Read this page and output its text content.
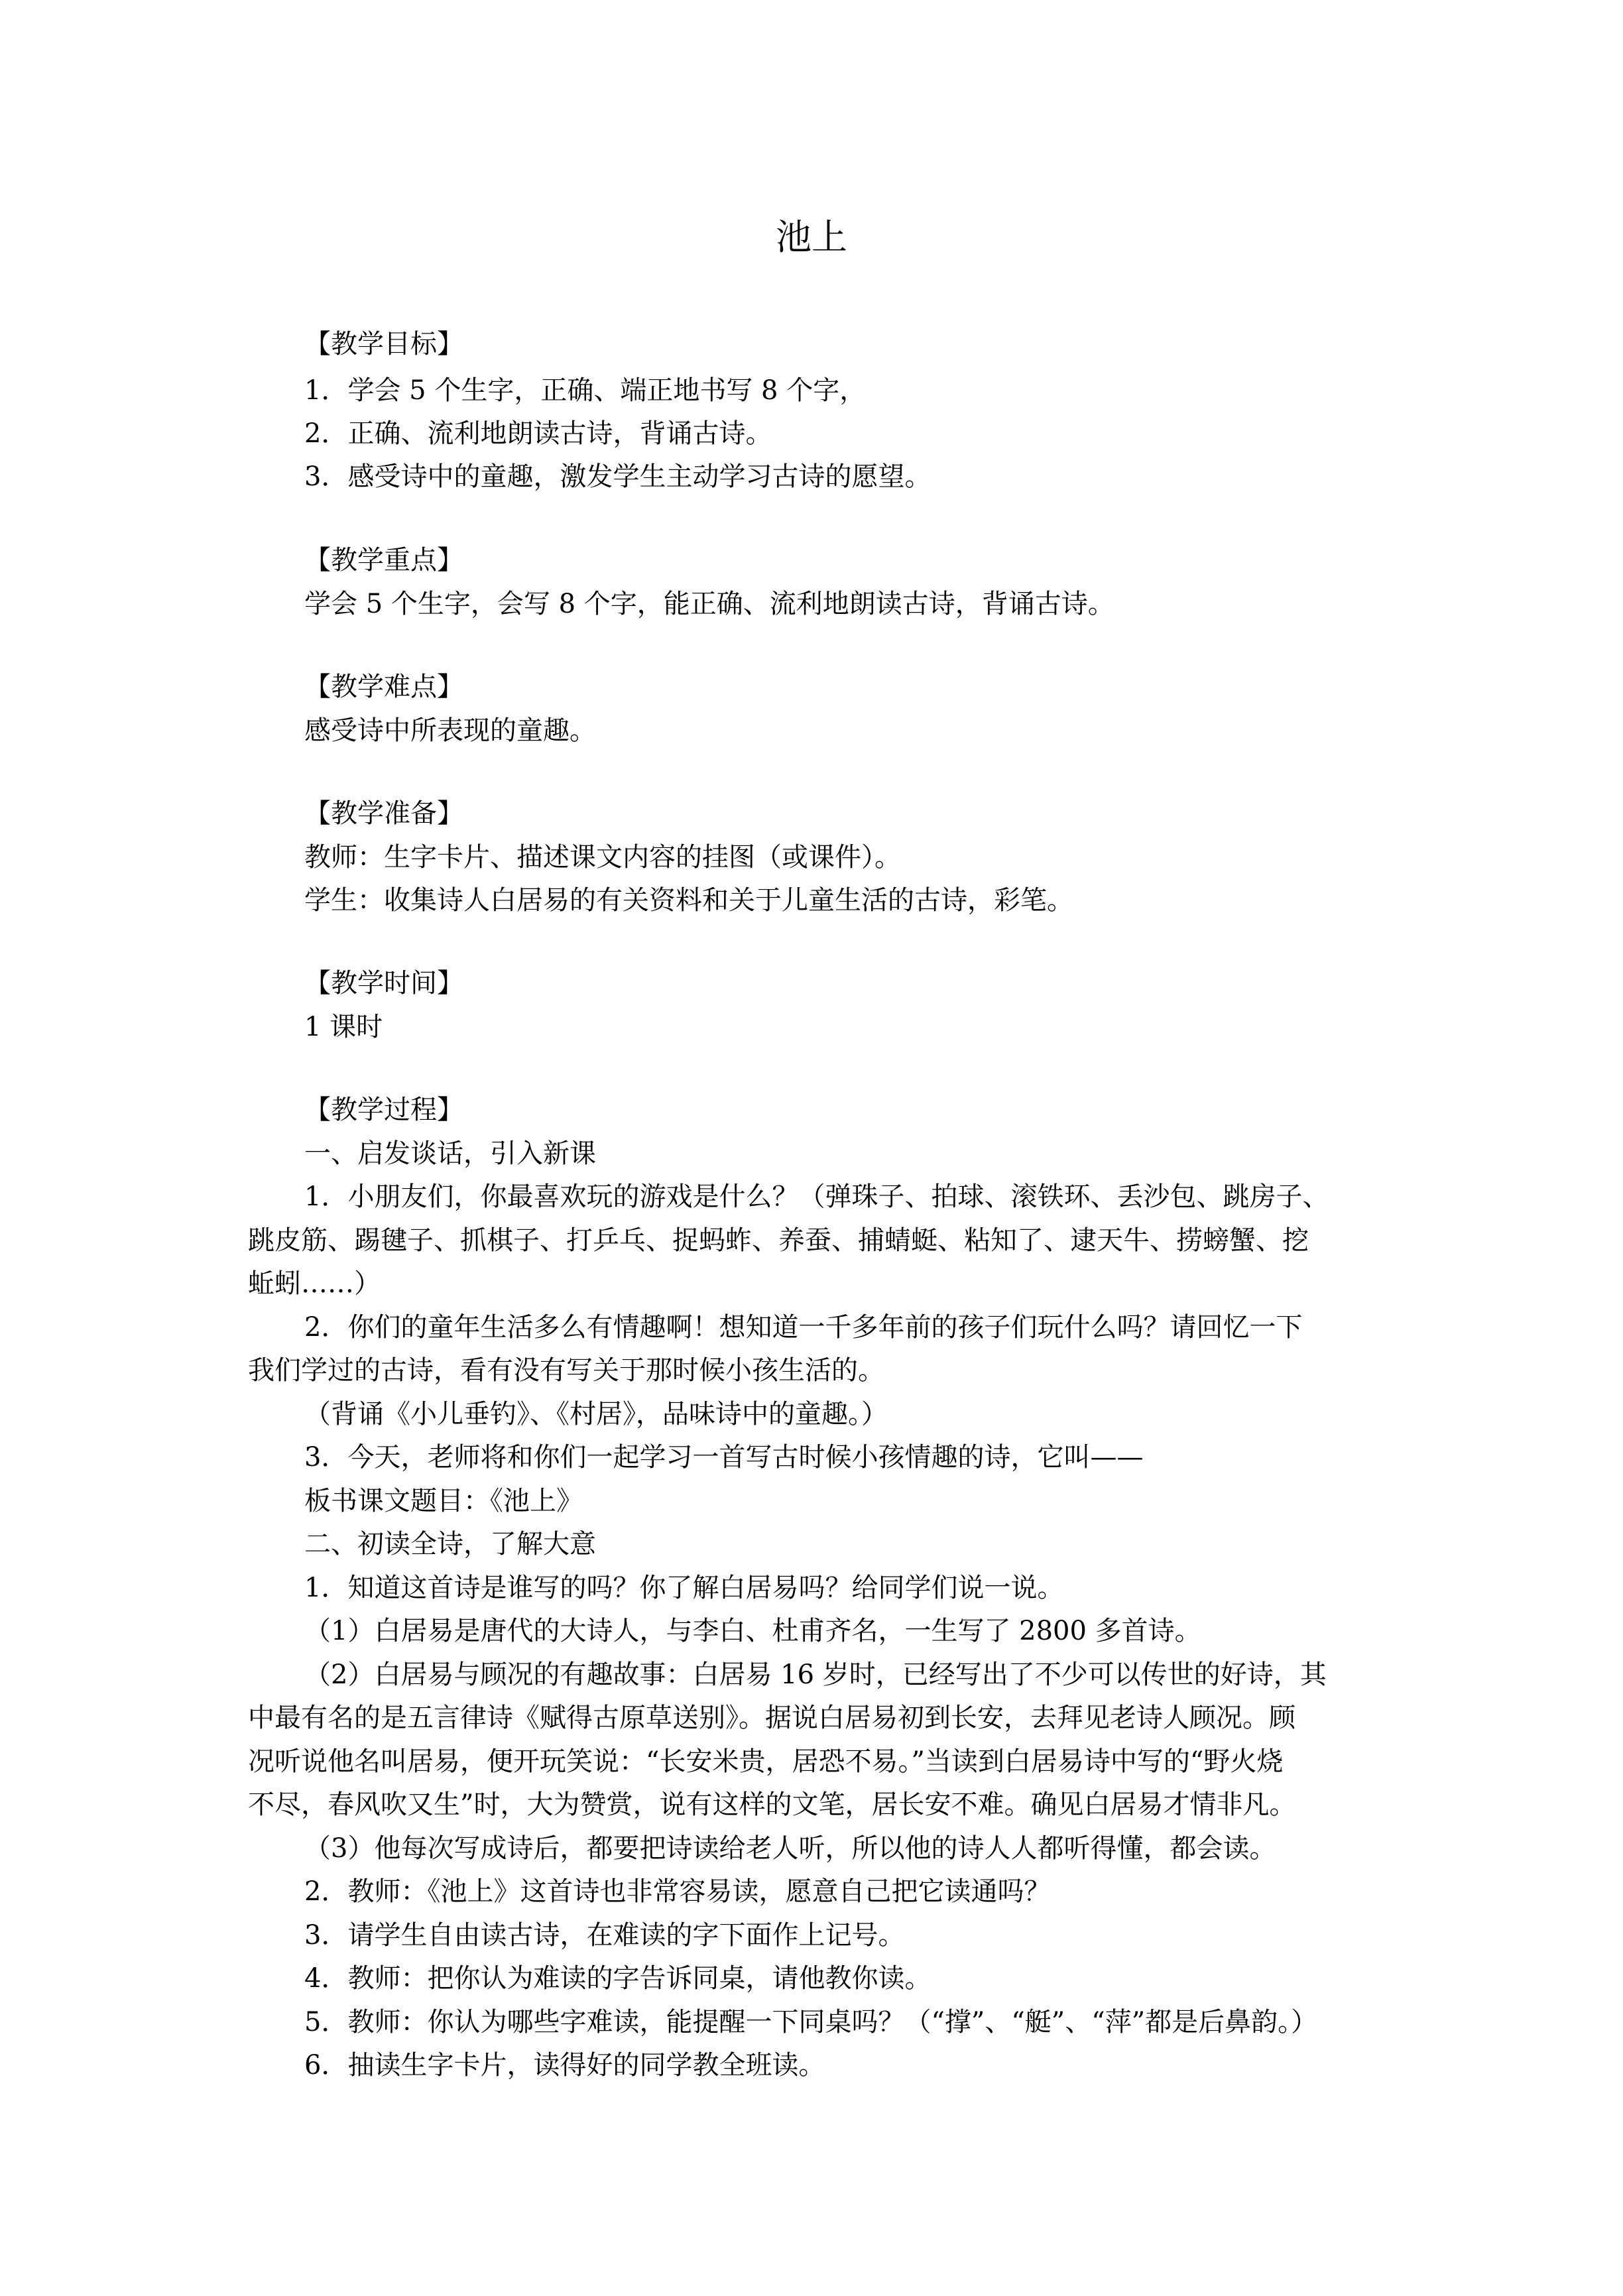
池上
【教学目标】
1．学会 5 个生字，正确、端正地书写 8 个字，
2．正确、流利地朗读古诗，背诵古诗。
3．感受诗中的童趣，激发学生主动学习古诗的愿望。
【教学重点】
学会 5 个生字，会写 8 个字，能正确、流利地朗读古诗，背诵古诗。
【教学难点】
感受诗中所表现的童趣。
【教学准备】
教师：生字卡片、描述课文内容的挂图（或课件）。
学生：收集诗人白居易的有关资料和关于儿童生活的古诗，彩笔。
【教学时间】
1 课时
【教学过程】
一、启发谈话，引入新课
1．小朋友们，你最喜欢玩的游戏是什么？（弹珠子、拍球、滚铁环、丢沙包、跳房子、
跳皮筋、踢毽子、抓棋子、打乒乓、捉蚂蚱、养蚕、捕蜻蜓、粘知了、逮天牛、捞螃蟹、挖
蚯蚓……）
2．你们的童年生活多么有情趣啊！想知道一千多年前的孩子们玩什么吗？请回忆一下
我们学过的古诗，看有没有写关于那时候小孩生活的。
（背诵《小儿垂钓》、《村居》，品味诗中的童趣。）
3．今天，老师将和你们一起学习一首写古时候小孩情趣的诗，它叫——
板书课文题目：《池上》
二、初读全诗，了解大意
1．知道这首诗是谁写的吗？你了解白居易吗？给同学们说一说。
（1）白居易是唐代的大诗人，与李白、杜甫齐名，一生写了 2800 多首诗。
（2）白居易与顾况的有趣故事：白居易 16 岁时，已经写出了不少可以传世的好诗，其
中最有名的是五言律诗《赋得古原草送别》。据说白居易初到长安，去拜见老诗人顾况。顾
况听说他名叫居易，便开玩笑说：“长安米贵，居恐不易。”当读到白居易诗中写的“野火烧
不尽，春风吹又生”时，大为赞赏，说有这样的文笔，居长安不难。确见白居易才情非凡。
（3）他每次写成诗后，都要把诗读给老人听，所以他的诗人人都听得懂，都会读。
2．教师：《池上》这首诗也非常容易读，愿意自己把它读通吗？
3．请学生自由读古诗，在难读的字下面作上记号。
4．教师：把你认为难读的字告诉同桌，请他教你读。
5．教师：你认为哪些字难读，能提醒一下同桌吗？（“撑”、“艇”、“萍”都是后鼻韵。）
6．抽读生字卡片，读得好的同学教全班读。
